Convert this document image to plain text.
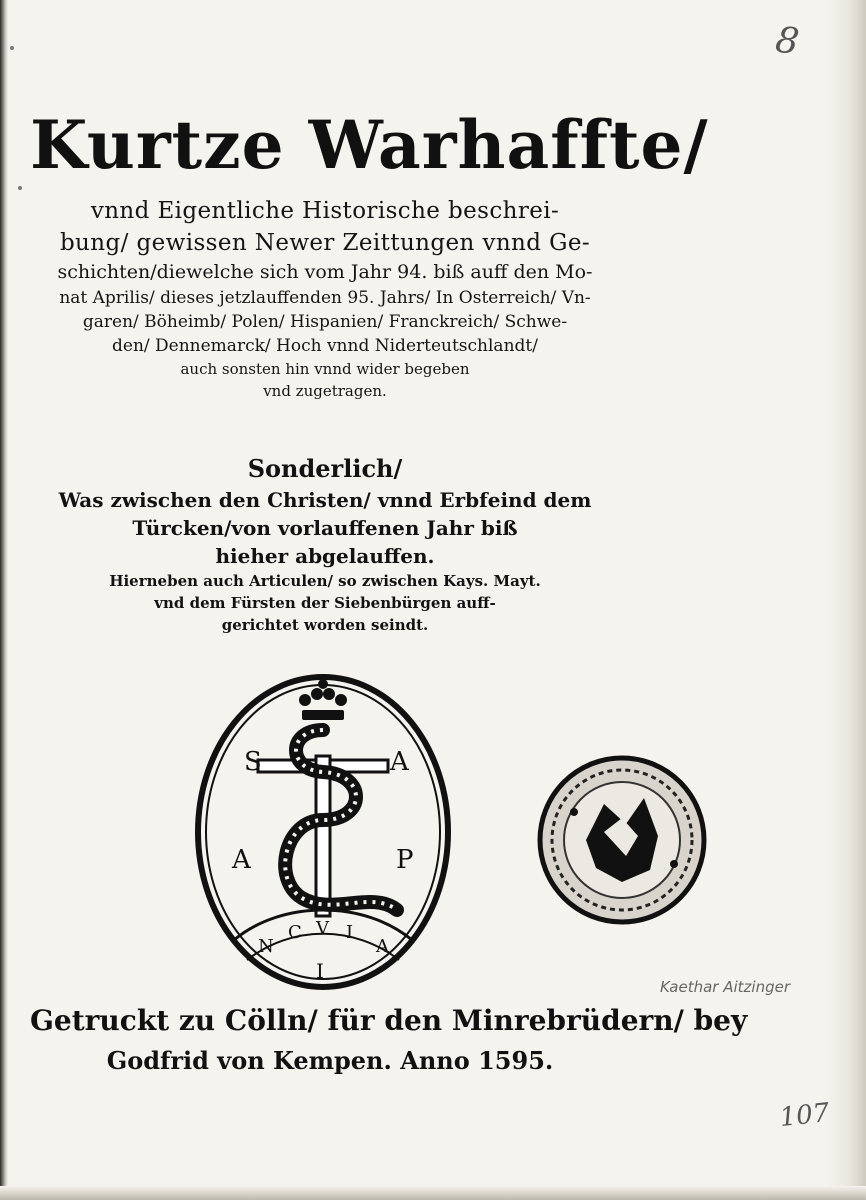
8
Kurtze Warhaffte/
vnnd Eigentliche Historische beschrei-
bung/ gewissen Newer Zeittungen vnnd Ge-
schichten/diewelche sich vom Jahr 94. biß auff den Mo-
nat Aprilis/ dieses jetzlauffenden 95. Jahrs/ In Osterreich/ Vn-
garen/ Böheimb/ Polen/ Hispanien/ Franckreich/ Schwe-
den/ Dennemarck/ Hoch vnnd Niderteutschlandt/
auch sonsten hin vnnd wider begeben
vnd zugetragen.
Sonderlich/
Was zwischen den Christen/ vnnd Erbfeind dem
Türcken/von vorlauffenen Jahr biß
hieher abgelauffen.
Hierneben auch Articulen/ so zwischen Kays. Mayt.
vnd dem Fürsten der Siebenbürgen auff-
gerichtet worden seindt.
S	A
A	P
N
C V I
A
I
Getruckt zu Cölln/ für den Minrebrüdern/ bey
Godfrid von Kempen. Anno 1595.
Kaethar Aitzinger
107
